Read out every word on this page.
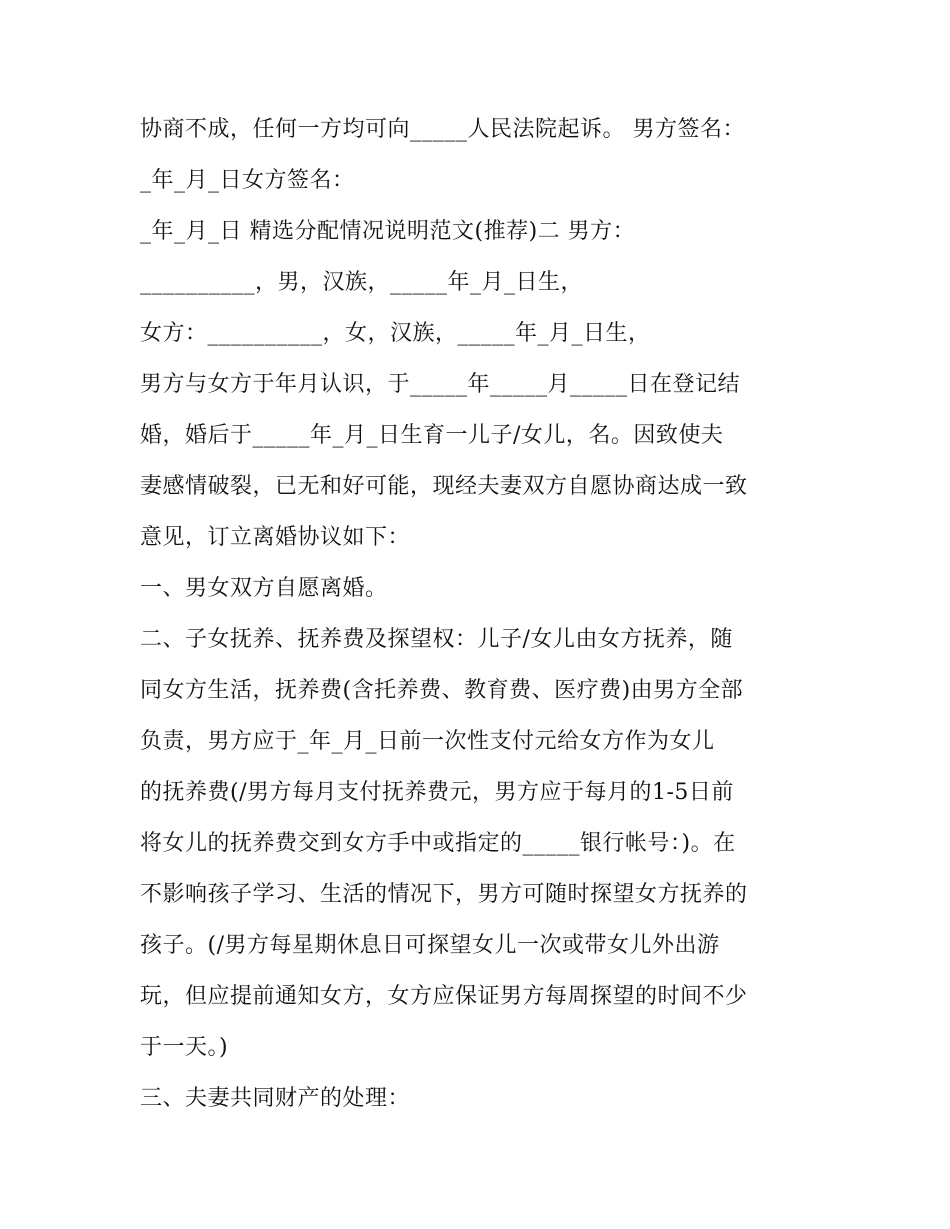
协商不成，任何一方均可向_____人民法院起诉。 男方签名：
_年_月_日女方签名：
_年_月_日 精选分配情况说明范文(推荐)二 男方：
__________，男，汉族，_____年_月_日生，
女方：__________，女，汉族，_____年_月_日生，
男方与女方于年月认识，于_____年_____月_____日在登记结
婚，婚后于_____年_月_日生育一儿子/女儿，名。因致使夫
妻感情破裂，已无和好可能，现经夫妻双方自愿协商达成一致
意见，订立离婚协议如下：
一、男女双方自愿离婚。
二、子女抚养、抚养费及探望权：儿子/女儿由女方抚养，随
同女方生活，抚养费(含托养费、教育费、医疗费)由男方全部
负责，男方应于_年_月_日前一次性支付元给女方作为女儿
的抚养费(/男方每月支付抚养费元，男方应于每月的1-5日前
将女儿的抚养费交到女方手中或指定的_____银行帐号：)。在
不影响孩子学习、生活的情况下，男方可随时探望女方抚养的
孩子。(/男方每星期休息日可探望女儿一次或带女儿外出游
玩，但应提前通知女方，女方应保证男方每周探望的时间不少
于一天。)
三、夫妻共同财产的处理：
